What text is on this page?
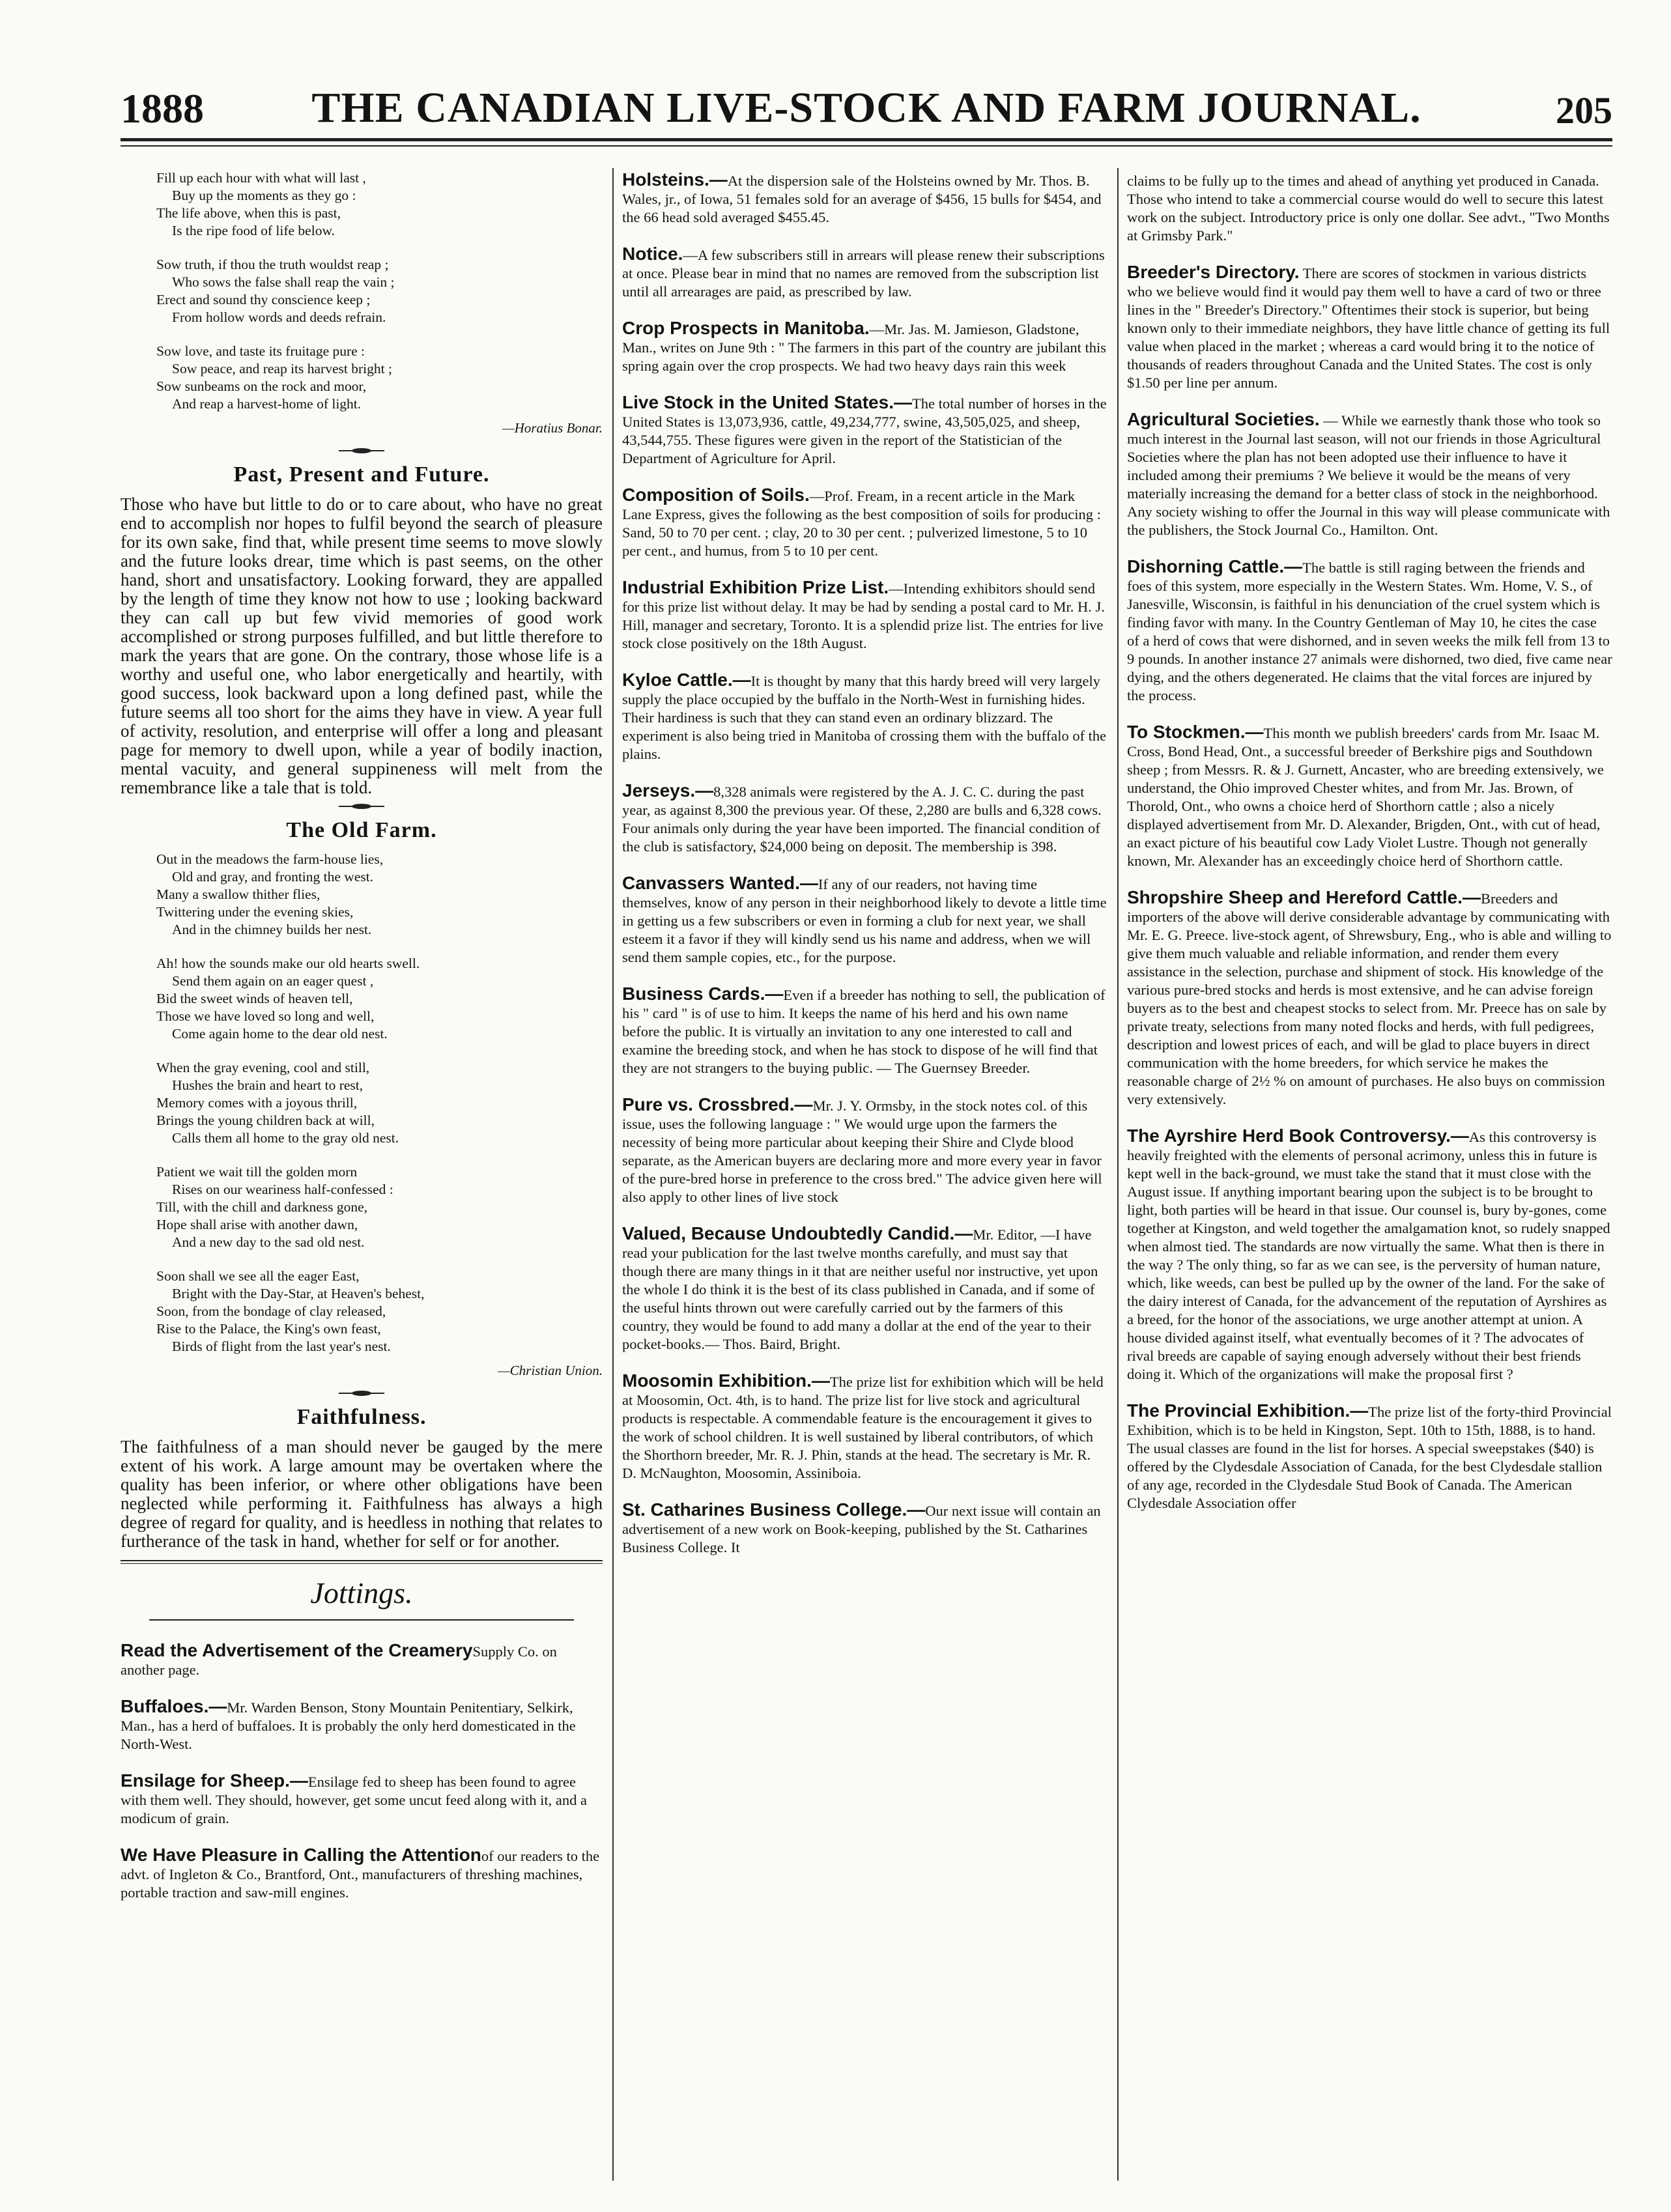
1888	THE CANADIAN LIVE-STOCK AND FARM JOURNAL.	205
Fill up each hour with what will last ,
Buy up the moments as they go :
The life above, when this is past,
Is the ripe food of life below.
Sow truth, if thou the truth wouldst reap ;
Who sows the false shall reap the vain ;
Erect and sound thy conscience keep ;
From hollow words and deeds refrain.
Sow love, and taste its fruitage pure :
Sow peace, and reap its harvest bright ;
Sow sunbeams on the rock and moor,
And reap a harvest-home of light.
—Horatius Bonar.
Past, Present and Future.

Those who have but little to do or to care about, who have no great end to accomplish nor hopes to fulfil beyond the search of pleasure for its own sake, find that, while present time seems to move slowly and the future looks drear, time which is past seems, on the other hand, short and unsatisfactory. Looking forward, they are appalled by the length of time they know not how to use ; looking backward they can call up but few vivid memories of good work accomplished or strong purposes fulfilled, and but little therefore to mark the years that are gone. On the contrary, those whose life is a worthy and useful one, who labor energetically and heartily, with good success, look backward upon a long defined past, while the future seems all too short for the aims they have in view. A year full of activity, resolution, and enterprise will offer a long and pleasant page for memory to dwell upon, while a year of bodily inaction, mental vacuity, and general suppineness will melt from the remembrance like a tale that is told.

The Old Farm.
Out in the meadows the farm-house lies,
Old and gray, and fronting the west.
Many a swallow thither flies,
Twittering under the evening skies,
And in the chimney builds her nest.
Ah! how the sounds make our old hearts swell.
Send them again on an eager quest ,
Bid the sweet winds of heaven tell,
Those we have loved so long and well,
Come again home to the dear old nest.
When the gray evening, cool and still,
Hushes the brain and heart to rest,
Memory comes with a joyous thrill,
Brings the young children back at will,
Calls them all home to the gray old nest.
Patient we wait till the golden morn
Rises on our weariness half-confessed :
Till, with the chill and darkness gone,
Hope shall arise with another dawn,
And a new day to the sad old nest.
Soon shall we see all the eager East,
Bright with the Day-Star, at Heaven's behest,
Soon, from the bondage of clay released,
Rise to the Palace, the King's own feast,
Birds of flight from the last year's nest.
—Christian Union.
Faithfulness.

The faithfulness of a man should never be gauged by the mere extent of his work. A large amount may be overtaken where the quality has been inferior, or where other obligations have been neglected while performing it. Faithfulness has always a high degree of regard for quality, and is heedless in nothing that relates to furtherance of the task in hand, whether for self or for another.

Jottings.

Read the Advertisement of the CreamerySupply Co. on another page.

Buffaloes.—Mr. Warden Benson, Stony Mountain Penitentiary, Selkirk, Man., has a herd of buffaloes. It is probably the only herd domesticated in the North-West.

Ensilage for Sheep.—Ensilage fed to sheep has been found to agree with them well. They should, however, get some uncut feed along with it, and a modicum of grain.

We Have Pleasure in Calling the Attentionof our readers to the advt. of Ingleton & Co., Brantford, Ont., manufacturers of threshing machines, portable traction and saw-mill engines.

Holsteins.—At the dispersion sale of the Holsteins owned by Mr. Thos. B. Wales, jr., of Iowa, 51 females sold for an average of $456, 15 bulls for $454, and the 66 head sold averaged $455.45.

Notice.—A few subscribers still in arrears will please renew their subscriptions at once. Please bear in mind that no names are removed from the subscription list until all arrearages are paid, as prescribed by law.

Crop Prospects in Manitoba.—Mr. Jas. M. Jamieson, Gladstone, Man., writes on June 9th : " The farmers in this part of the country are jubilant this spring again over the crop prospects. We had two heavy days rain this week

Live Stock in the United States.—The total number of horses in the United States is 13,073,936, cattle, 49,234,777, swine, 43,505,025, and sheep, 43,544,755. These figures were given in the report of the Statistician of the Department of Agriculture for April.

Composition of Soils.—Prof. Fream, in a recent article in the Mark Lane Express, gives the following as the best composition of soils for producing : Sand, 50 to 70 per cent. ; clay, 20 to 30 per cent. ; pulverized limestone, 5 to 10 per cent., and humus, from 5 to 10 per cent.

Industrial Exhibition Prize List.—Intending exhibitors should send for this prize list without delay. It may be had by sending a postal card to Mr. H. J. Hill, manager and secretary, Toronto. It is a splendid prize list. The entries for live stock close positively on the 18th August.

Kyloe Cattle.—It is thought by many that this hardy breed will very largely supply the place occupied by the buffalo in the North-West in furnishing hides. Their hardiness is such that they can stand even an ordinary blizzard. The experiment is also being tried in Manitoba of crossing them with the buffalo of the plains.

Jerseys.—8,328 animals were registered by the A. J. C. C. during the past year, as against 8,300 the previous year. Of these, 2,280 are bulls and 6,328 cows. Four animals only during the year have been imported. The financial condition of the club is satisfactory, $24,000 being on deposit. The membership is 398.

Canvassers Wanted.—If any of our readers, not having time themselves, know of any person in their neighborhood likely to devote a little time in getting us a few subscribers or even in forming a club for next year, we shall esteem it a favor if they will kindly send us his name and address, when we will send them sample copies, etc., for the purpose.

Business Cards.—Even if a breeder has nothing to sell, the publication of his " card " is of use to him. It keeps the name of his herd and his own name before the public. It is virtually an invitation to any one interested to call and examine the breeding stock, and when he has stock to dispose of he will find that they are not strangers to the buying public. — The Guernsey Breeder.

Pure vs. Crossbred.—Mr. J. Y. Ormsby, in the stock notes col. of this issue, uses the following language : " We would urge upon the farmers the necessity of being more particular about keeping their Shire and Clyde blood separate, as the American buyers are declaring more and more every year in favor of the pure-bred horse in preference to the cross bred." The advice given here will also apply to other lines of live stock

Valued, Because Undoubtedly Candid.—Mr. Editor, —I have read your publication for the last twelve months carefully, and must say that though there are many things in it that are neither useful nor instructive, yet upon the whole I do think it is the best of its class published in Canada, and if some of the useful hints thrown out were carefully carried out by the farmers of this country, they would be found to add many a dollar at the end of the year to their pocket-books.— Thos. Baird, Bright.

Moosomin Exhibition.—The prize list for exhibition which will be held at Moosomin, Oct. 4th, is to hand. The prize list for live stock and agricultural products is respectable. A commendable feature is the encouragement it gives to the work of school children. It is well sustained by liberal contributors, of which the Shorthorn breeder, Mr. R. J. Phin, stands at the head. The secretary is Mr. R. D. McNaughton, Moosomin, Assiniboia.

St. Catharines Business College.—Our next issue will contain an advertisement of a new work on Book-keeping, published by the St. Catharines Business College. It

claims to be fully up to the times and ahead of anything yet produced in Canada. Those who intend to take a commercial course would do well to secure this latest work on the subject. Introductory price is only one dollar. See advt., "Two Months at Grimsby Park."

Breeder's Directory. There are scores of stockmen in various districts who we believe would find it would pay them well to have a card of two or three lines in the " Breeder's Directory." Oftentimes their stock is superior, but being known only to their immediate neighbors, they have little chance of getting its full value when placed in the market ; whereas a card would bring it to the notice of thousands of readers throughout Canada and the United States. The cost is only $1.50 per line per annum.

Agricultural Societies. — While we earnestly thank those who took so much interest in the Journal last season, will not our friends in those Agricultural Societies where the plan has not been adopted use their influence to have it included among their premiums ? We believe it would be the means of very materially increasing the demand for a better class of stock in the neighborhood. Any society wishing to offer the Journal in this way will please communicate with the publishers, the Stock Journal Co., Hamilton. Ont.

Dishorning Cattle.—The battle is still raging between the friends and foes of this system, more especially in the Western States. Wm. Home, V. S., of Janesville, Wisconsin, is faithful in his denunciation of the cruel system which is finding favor with many. In the Country Gentleman of May 10, he cites the case of a herd of cows that were dishorned, and in seven weeks the milk fell from 13 to 9 pounds. In another instance 27 animals were dishorned, two died, five came near dying, and the others degenerated. He claims that the vital forces are injured by the process.

To Stockmen.—This month we publish breeders' cards from Mr. Isaac M. Cross, Bond Head, Ont., a successful breeder of Berkshire pigs and Southdown sheep ; from Messrs. R. & J. Gurnett, Ancaster, who are breeding extensively, we understand, the Ohio improved Chester whites, and from Mr. Jas. Brown, of Thorold, Ont., who owns a choice herd of Shorthorn cattle ; also a nicely displayed advertisement from Mr. D. Alexander, Brigden, Ont., with cut of head, an exact picture of his beautiful cow Lady Violet Lustre. Though not generally known, Mr. Alexander has an exceedingly choice herd of Shorthorn cattle.

Shropshire Sheep and Hereford Cattle.—Breeders and importers of the above will derive considerable advantage by communicating with Mr. E. G. Preece. live-stock agent, of Shrewsbury, Eng., who is able and willing to give them much valuable and reliable information, and render them every assistance in the selection, purchase and shipment of stock. His knowledge of the various pure-bred stocks and herds is most extensive, and he can advise foreign buyers as to the best and cheapest stocks to select from. Mr. Preece has on sale by private treaty, selections from many noted flocks and herds, with full pedigrees, description and lowest prices of each, and will be glad to place buyers in direct communication with the home breeders, for which service he makes the reasonable charge of 2½ % on amount of purchases. He also buys on commission very extensively.

The Ayrshire Herd Book Controversy.—As this controversy is heavily freighted with the elements of personal acrimony, unless this in future is kept well in the back-ground, we must take the stand that it must close with the August issue. If anything important bearing upon the subject is to be brought to light, both parties will be heard in that issue. Our counsel is, bury by-gones, come together at Kingston, and weld together the amalgamation knot, so rudely snapped when almost tied. The standards are now virtually the same. What then is there in the way ? The only thing, so far as we can see, is the perversity of human nature, which, like weeds, can best be pulled up by the owner of the land. For the sake of the dairy interest of Canada, for the advancement of the reputation of Ayrshires as a breed, for the honor of the associations, we urge another attempt at union. A house divided against itself, what eventually becomes of it ? The advocates of rival breeds are capable of saying enough adversely without their best friends doing it. Which of the organizations will make the proposal first ?

The Provincial Exhibition.—The prize list of the forty-third Provincial Exhibition, which is to be held in Kingston, Sept. 10th to 15th, 1888, is to hand. The usual classes are found in the list for horses. A special sweepstakes ($40) is offered by the Clydesdale Association of Canada, for the best Clydesdale stallion of any age, recorded in the Clydesdale Stud Book of Canada. The American Clydesdale Association offer
